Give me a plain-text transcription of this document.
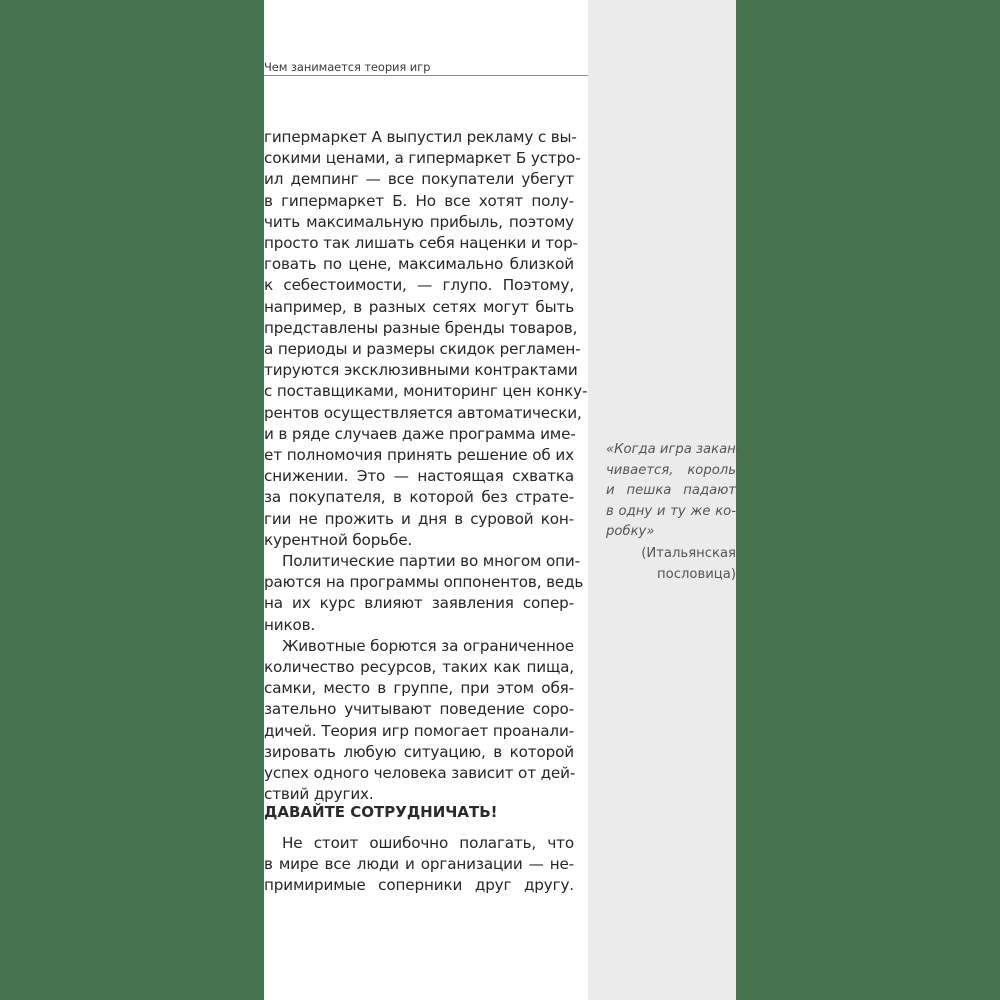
Чем занимается теория игр

гипермаркет А выпустил рекламу с вы-
сокими ценами, а гипермаркет Б устро-
ил демпинг — все покупатели убегут
в гипермаркет Б. Но все хотят полу-
чить максимальную прибыль, поэтому
просто так лишать себя наценки и тор-
говать по цене, максимально близкой
к себестоимости, — глупо. Поэтому,
например, в разных сетях могут быть
представлены разные бренды товаров,
а периоды и размеры скидок регламен-
тируются эксклюзивными контрактами
с поставщиками, мониторинг цен конку-
рентов осуществляется автоматически,
и в ряде случаев даже программа име-
ет полномочия принять решение об их
снижении. Это — настоящая схватка
за покупателя, в которой без страте-
гии не прожить и дня в суровой кон-
курентной борьбе.

Политические партии во многом опи-
раются на программы оппонентов, ведь
на их курс влияют заявления сопер-
ников.

Животные борются за ограниченное
количество ресурсов, таких как пища,
самки, место в группе, при этом обя-
зательно учитывают поведение соро-
дичей. Теория игр помогает проанали-
зировать любую ситуацию, в которой
успех одного человека зависит от дей-
ствий других.

ДАВАЙТЕ СОТРУДНИЧАТЬ!
Не стоит ошибочно полагать, что
в мире все люди и организации — не-
примиримые соперники друг другу.
«Когда игра закан-
чивается, король
и пешка падают
в одну и ту же ко-
робку»
(Итальянская
пословица)
